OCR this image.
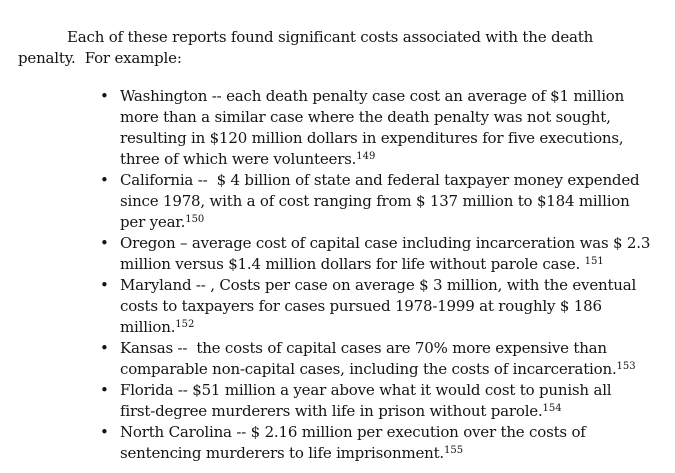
Each of these reports found significant costs associated with the death
penalty.  For example:
• Washington -- each death penalty case cost an average of $1 million
more than a similar case where the death penalty was not sought,
resulting in $120 million dollars in expenditures for five executions,
three of which were volunteers.$^{149}$
• California --  $ 4 billion of state and federal taxpayer money expended
since 1978, with a of cost ranging from $ 137 million to $184 million
per year.$^{150}$
• Oregon – average cost of capital case including incarceration was $ 2.3
million versus $1.4 million dollars for life without parole case. $^{151}$
• Maryland -- , Costs per case on average $ 3 million, with the eventual
costs to taxpayers for cases pursued 1978-1999 at roughly $ 186
million.$^{152}$
• Kansas --  the costs of capital cases are 70% more expensive than
comparable non-capital cases, including the costs of incarceration.$^{153}$
• Florida -- $51 million a year above what it would cost to punish all
first-degree murderers with life in prison without parole.$^{154}$
• North Carolina -- $ 2.16 million per execution over the costs of
sentencing murderers to life imprisonment.$^{155}$
